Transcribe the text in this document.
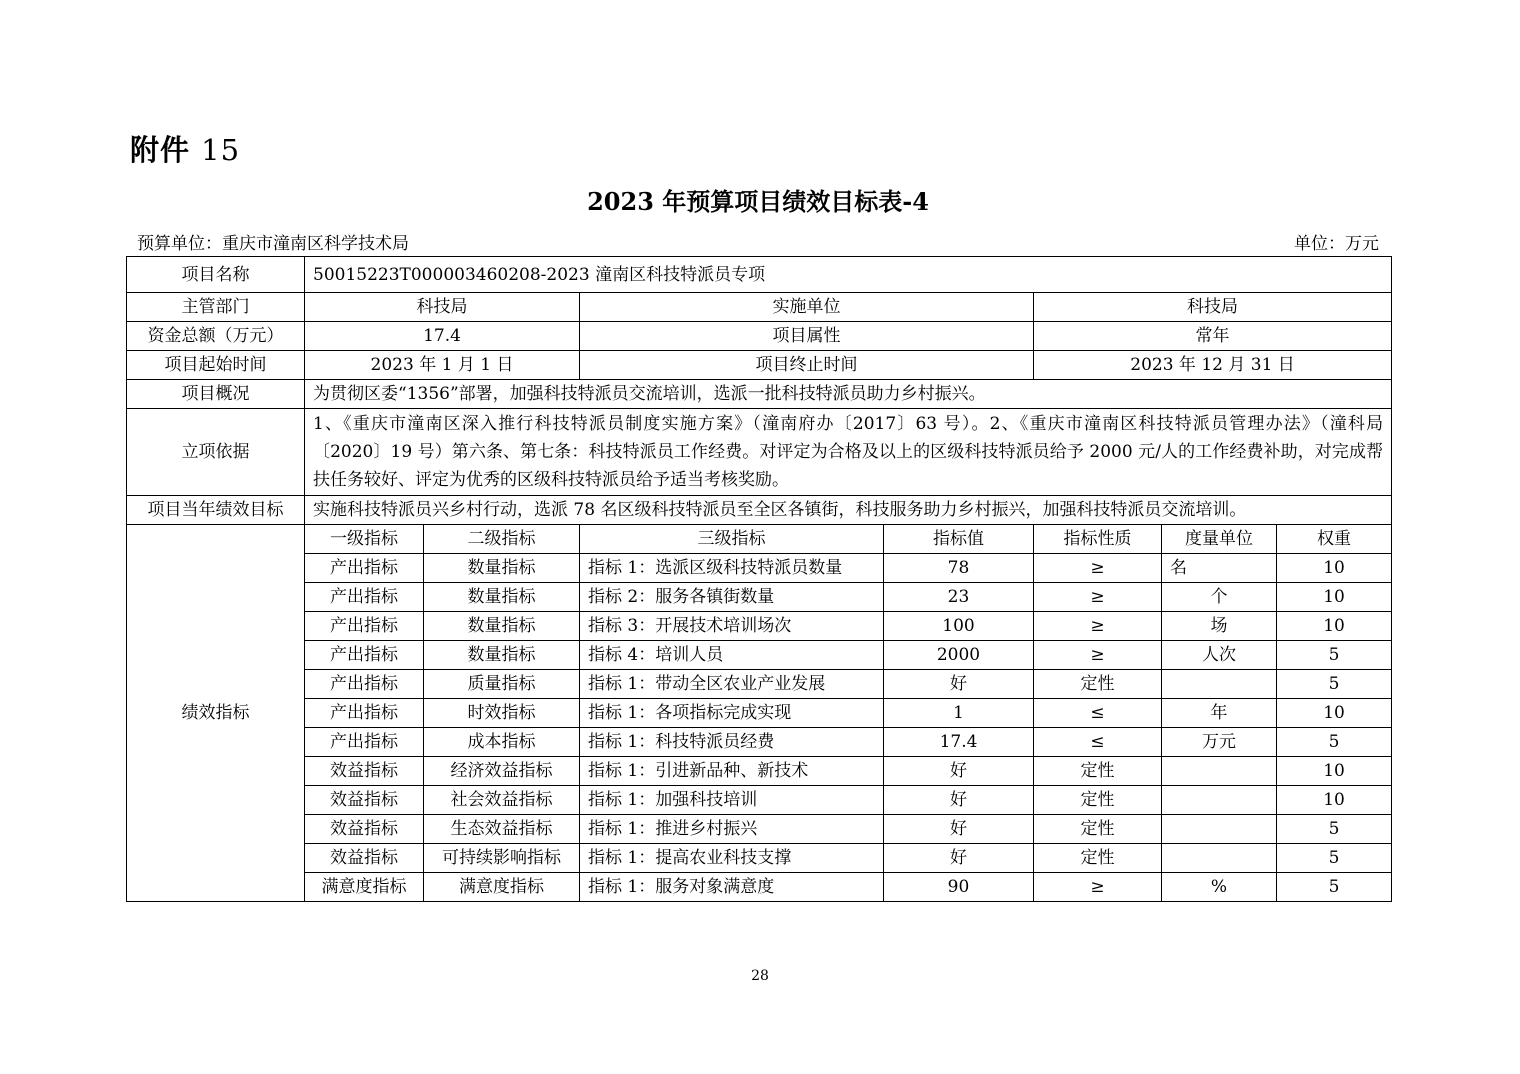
附件 15
2023 年预算项目绩效目标表-4
预算单位：重庆市潼南区科学技术局	单位：万元
项目名称	50015223T000003460208-2023 潼南区科技特派员专项						
主管部门	科技局		实施单位		科技局		
资金总额（万元）	17.4		项目属性		常年		
项目起始时间	2023 年 1 月 1 日		项目终止时间		2023 年 12 月 31 日		
项目概况	为贯彻区委“1356”部署，加强科技特派员交流培训，选派一批科技特派员助力乡村振兴。						
立项依据	1、《重庆市潼南区深入推行科技特派员制度实施方案》（潼南府办〔2017〕63 号）。2、《重庆市潼南区科技特派员管理办法》（潼科局〔2020〕19 号）第六条、第七条：科技特派员工作经费。对评定为合格及以上的区级科技特派员给予 2000 元/人的工作经费补助，对完成帮扶任务较好、评定为优秀的区级科技特派员给予适当考核奖励。						
项目当年绩效目标	实施科技特派员兴乡村行动，选派 78 名区级科技特派员至全区各镇街，科技服务助力乡村振兴，加强科技特派员交流培训。						
绩效指标	一级指标	二级指标	三级指标	指标值	指标性质	度量单位	权重
	产出指标	数量指标	指标 1：选派区级科技特派员数量	78	≥	名	10
	产出指标	数量指标	指标 2：服务各镇街数量	23	≥	个	10
	产出指标	数量指标	指标 3：开展技术培训场次	100	≥	场	10
	产出指标	数量指标	指标 4：培训人员	2000	≥	人次	5
	产出指标	质量指标	指标 1：带动全区农业产业发展	好	定性		5
	产出指标	时效指标	指标 1：各项指标完成实现	1	≤	年	10
	产出指标	成本指标	指标 1：科技特派员经费	17.4	≤	万元	5
	效益指标	经济效益指标	指标 1：引进新品种、新技术	好	定性		10
	效益指标	社会效益指标	指标 1：加强科技培训	好	定性		10
	效益指标	生态效益指标	指标 1：推进乡村振兴	好	定性		5
	效益指标	可持续影响指标	指标 1：提高农业科技支撑	好	定性		5
	满意度指标	满意度指标	指标 1：服务对象满意度	90	≥	%	5
28
